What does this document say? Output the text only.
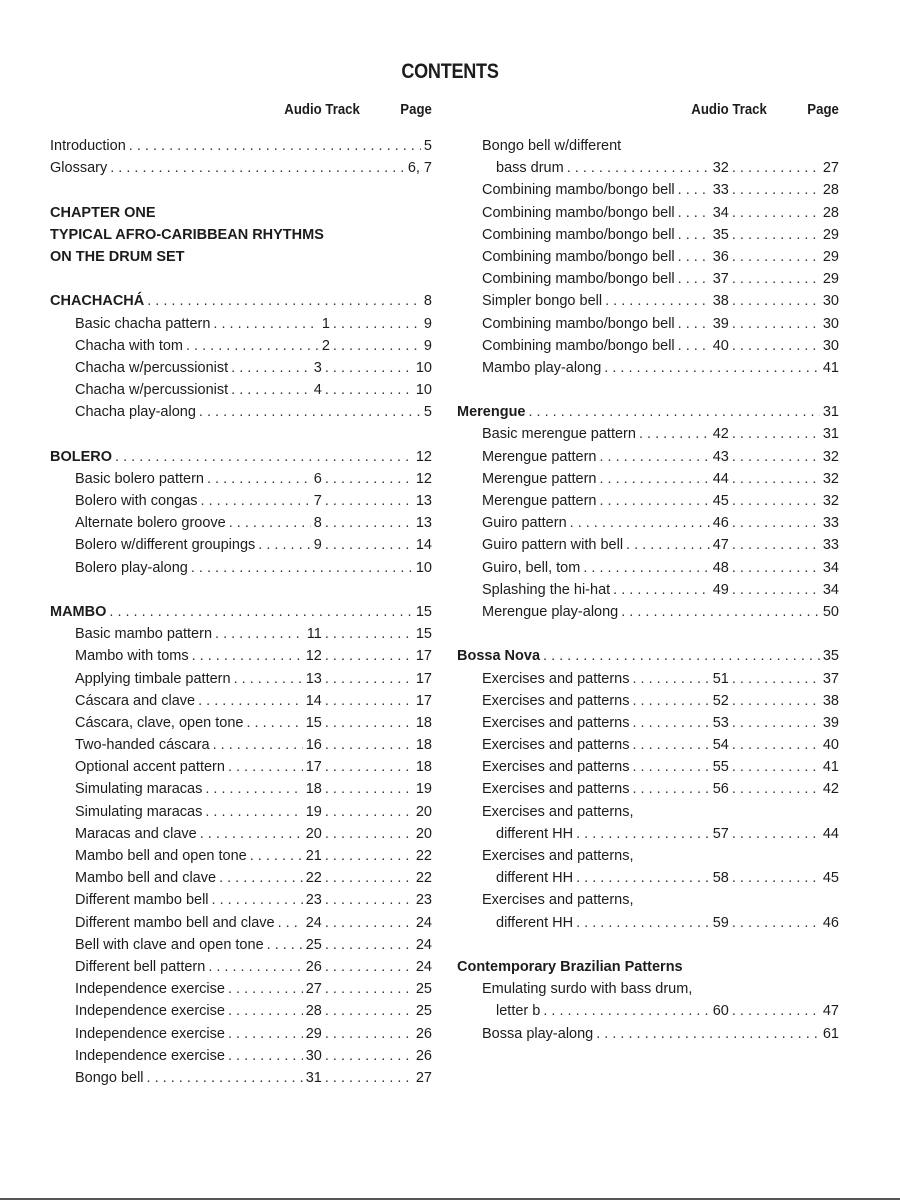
CONTENTS
Audio Track	Page
Introduction . . .	5
Glossary . . .	6, 7
CHAPTER ONE
TYPICAL AFRO-CARIBBEAN RHYTHMS
ON THE DRUM SET
CHACHACHÁ . . .	8
Basic chacha pattern . . .	1 . . .	9
Chacha with tom . . .	2 . . .	9
Chacha w/percussionist . . .	3 . . .	10
Chacha w/percussionist . . .	4 . . .	10
Chacha play-along . . .	5
BOLERO . . .	12
Basic bolero pattern . . .	6 . . .	12
Bolero with congas . . .	7 . . .	13
Alternate bolero groove . . .	8 . . .	13
Bolero w/different groupings . . .	9 . . .	14
Bolero play-along . . .	10
MAMBO . . .	15
Basic mambo pattern . . .	11 . . .	15
Mambo with toms . . .	12 . . .	17
Applying timbale pattern . . .	13 . . .	17
Cáscara and clave . . .	14 . . .	17
Cáscara, clave, open tone . . .	15 . . .	18
Two-handed cáscara . . .	16 . . .	18
Optional accent pattern . . .	17 . . .	18
Simulating maracas . . .	18 . . .	19
Simulating maracas . . .	19 . . .	20
Maracas and clave . . .	20 . . .	20
Mambo bell and open tone . . .	21 . . .	22
Mambo bell and clave . . .	22 . . .	22
Different mambo bell . . .	23 . . .	23
Different mambo bell and clave . . . 24 . . .	24
Bell with clave and open tone . . .	25 . . .	24
Different bell pattern . . .	26 . . .	24
Independence exercise . . .	27 . . .	25
Independence exercise . . .	28 . . .	25
Independence exercise . . .	29 . . .	26
Independence exercise . . .	30 . . .	26
Bongo bell . . .	31 . . .	27
Audio Track	Page
Bongo bell w/different
bass drum . . .	32 . . .	27
Combining mambo/bongo bell . . .	33 . . .	28
Combining mambo/bongo bell . . .	34 . . .	28
Combining mambo/bongo bell . . .	35 . . .	29
Combining mambo/bongo bell . . .	36 . . .	29
Combining mambo/bongo bell . . .	37 . . .	29
Simpler bongo bell . . .	38 . . .	30
Combining mambo/bongo bell . . .	39 . . .	30
Combining mambo/bongo bell . . .	40 . . .	30
Mambo play-along . . .	41
Merengue . . .	31
Basic merengue pattern . . .	42 . . .	31
Merengue pattern . . .	43 . . .	32
Merengue pattern . . .	44 . . .	32
Merengue pattern . . .	45 . . .	32
Guiro pattern . . .	46 . . .	33
Guiro pattern with bell . . .	47 . . .	33
Guiro, bell, tom . . .	48 . . .	34
Splashing the hi-hat . . .	49 . . .	34
Merengue play-along . . .	50
Bossa Nova . . .	35
Exercises and patterns . . .	51 . . .	37
Exercises and patterns . . .	52 . . .	38
Exercises and patterns . . .	53 . . .	39
Exercises and patterns . . .	54 . . .	40
Exercises and patterns . . .	55 . . .	41
Exercises and patterns . . .	56 . . .	42
Exercises and patterns,
different HH . . .	57 . . .	44
Exercises and patterns,
different HH . . .	58 . . .	45
Exercises and patterns,
different HH . . .	59 . . .	46
Contemporary Brazilian Patterns
Emulating surdo with bass drum,
letter b . . .	60 . . .	47
Bossa play-along . . .	61
